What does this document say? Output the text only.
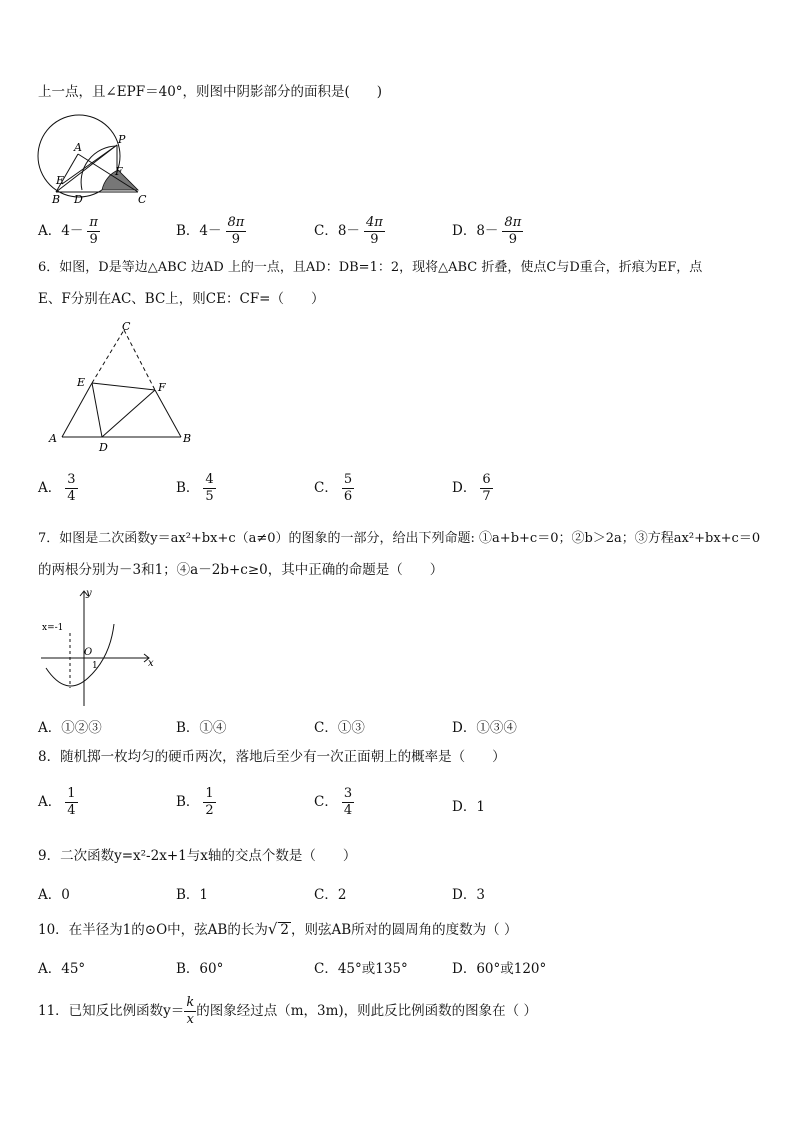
上一点，且∠EPF＝40°，则图中阴影部分的面积是(　　)
A
P
E
F
B D	C
A．$4- \frac{\pi}{9}$	B．$4- \frac{8\pi}{9}$	C．$8- \frac{4\pi}{9}$	D．$8- \frac{8\pi}{9}$
6．如图，D是等边△ABC 边AD 上的一点，且AD：DB=1：2，现将△ABC 折叠，使点C与D重合，折痕为EF，点
E、F分别在AC、BC上，则CE：CF=（　　）
C
E	F
A
D
B
A． $\frac{3}{4}$	B． $\frac{4}{5}$	C． $\frac{5}{6}$	D． $\frac{6}{7}$
7．如图是二次函数y＝ax²+bx+c（a≠0）的图象的一部分，给出下列命题: ①a+b+c＝0；②b＞2a；③方程ax²+bx+c＝0
的两根分别为－3和1；④a－2b+c≥0，其中正确的命题是（　　）
y
x
O
1
x=-1
A．①②③	B．①④	C．①③	D．①③④
8．随机掷一枚均匀的硬币两次，落地后至少有一次正面朝上的概率是（　　）
A． $\frac{1}{4}$	B． $\frac{1}{2}$	C． $\frac{3}{4}$	D．1
9．二次函数y=x²-2x+1与x轴的交点个数是（　　）
A．0	B．1	C．2	D．3
10．在半径为1的⊙O中，弦AB的长为√ 2 ，则弦AB所对的圆周角的度数为（ ）
A．45°	B．60°	C．45°或135°	D．60°或120°
11．已知反比例函数$y= \frac{k}{x}$ 的图象经过点（m，3m)，则此反比例函数的图象在（ ）
